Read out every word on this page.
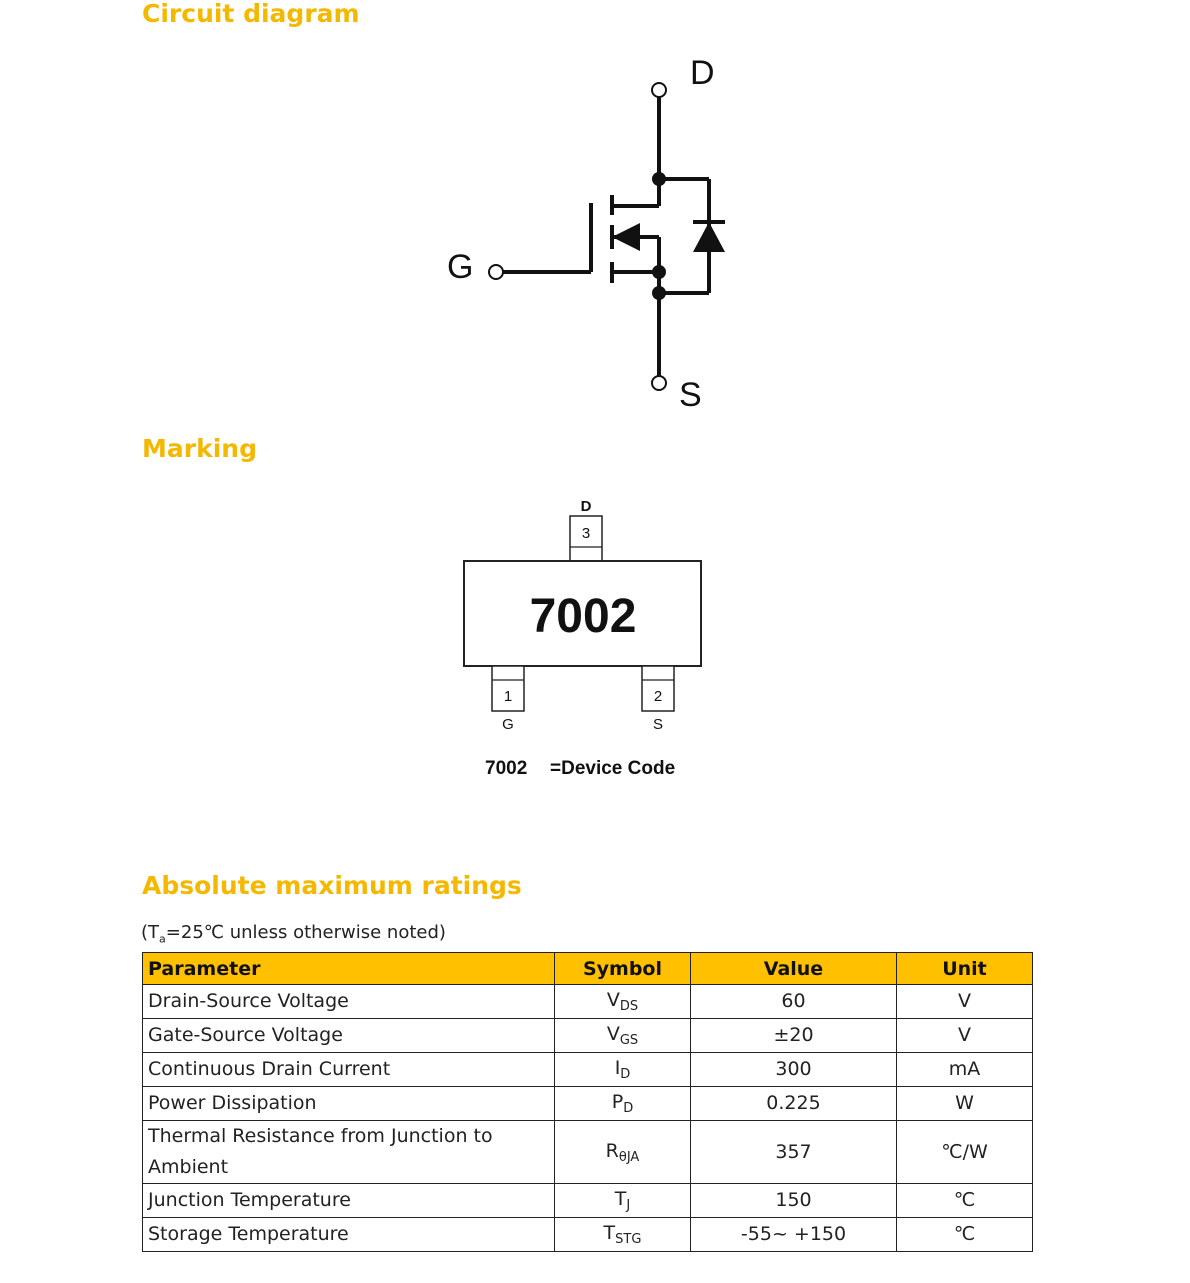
Circuit diagram
D
G
S
Marking
D
3
7002
1
G
2
S
7002 =Device Code
Absolute maximum ratings
($T_a=25℃$ unless otherwise noted)
Parameter	Symbol	Value	Unit
Drain-Source Voltage	$V_{DS}$	60	V
Gate-Source Voltage	$V_{GS}$	±20	V
Continuous Drain Current	$I_D$	300	mA
Power Dissipation	$P_D$	0.225	W
Thermal Resistance from Junction to Ambient	$R_{\theta JA}$	357	℃/W
Junction Temperature	$T_J$	150	℃
Storage Temperature	$T_{STG}$	-55~ +150	℃
